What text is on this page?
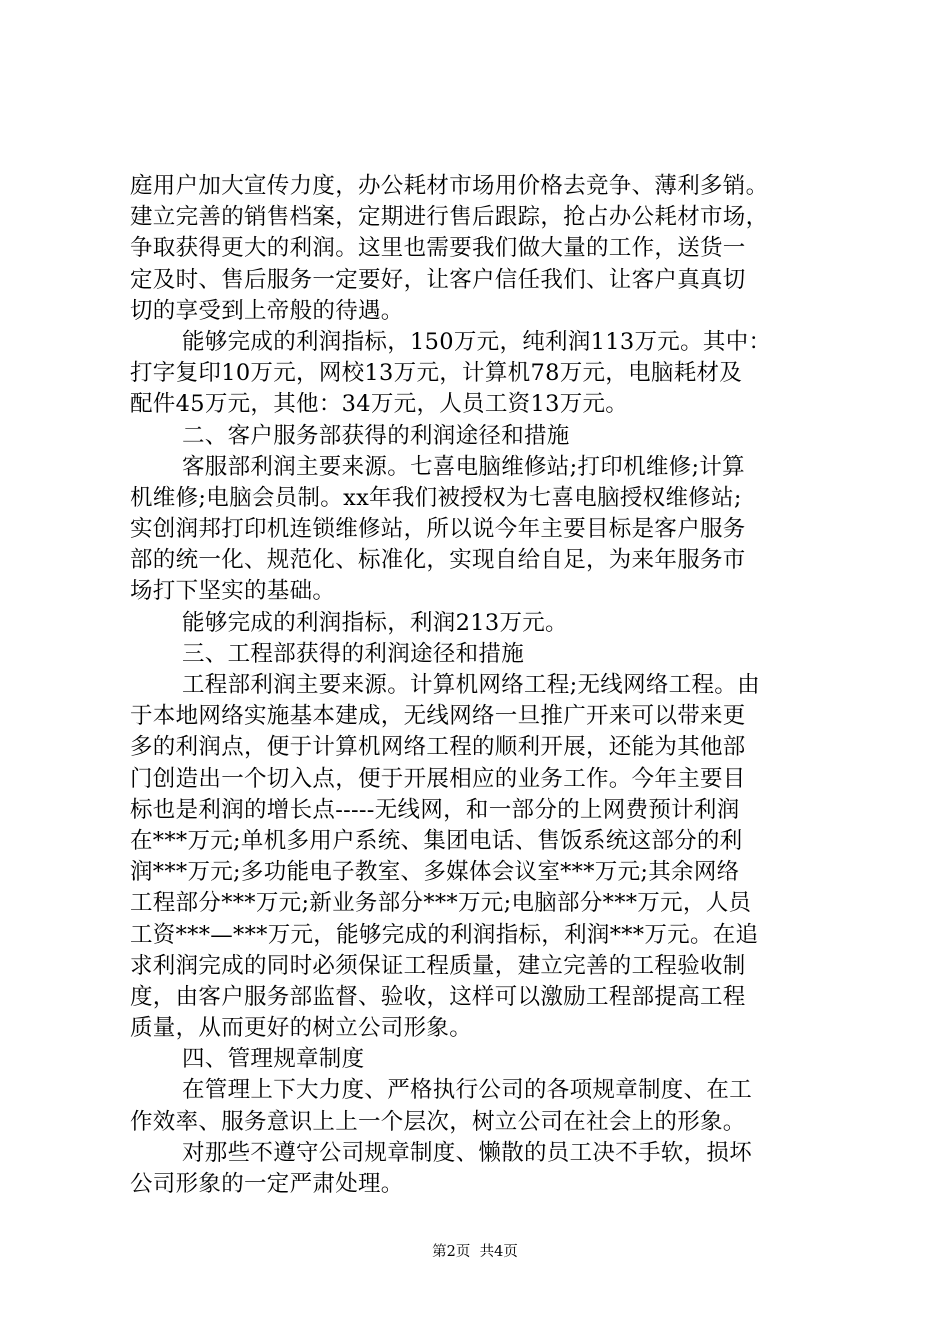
庭用户加大宣传力度，办公耗材市场用价格去竞争、薄利多销。
建立完善的销售档案，定期进行售后跟踪，抢占办公耗材市场，
争取获得更大的利润。这里也需要我们做大量的工作，送货一
定及时、售后服务一定要好，让客户信任我们、让客户真真切
切的享受到上帝般的待遇。
能够完成的利润指标，150万元，纯利润113万元。其中：
打字复印10万元，网校13万元，计算机78万元，电脑耗材及
配件45万元，其他：34万元，人员工资13万元。
二、客户服务部获得的利润途径和措施
客服部利润主要来源。七喜电脑维修站;打印机维修;计算
机维修;电脑会员制。xx年我们被授权为七喜电脑授权维修站;
实创润邦打印机连锁维修站，所以说今年主要目标是客户服务
部的统一化、规范化、标准化，实现自给自足，为来年服务市
场打下坚实的基础。
能够完成的利润指标，利润213万元。
三、工程部获得的利润途径和措施
工程部利润主要来源。计算机网络工程;无线网络工程。由
于本地网络实施基本建成，无线网络一旦推广开来可以带来更
多的利润点，便于计算机网络工程的顺利开展，还能为其他部
门创造出一个切入点，便于开展相应的业务工作。今年主要目
标也是利润的增长点-----无线网，和一部分的上网费预计利润
在***万元;单机多用户系统、集团电话、售饭系统这部分的利
润***万元;多功能电子教室、多媒体会议室***万元;其余网络
工程部分***万元;新业务部分***万元;电脑部分***万元，人员
工资***—***万元，能够完成的利润指标，利润***万元。在追
求利润完成的同时必须保证工程质量，建立完善的工程验收制
度，由客户服务部监督、验收，这样可以激励工程部提高工程
质量，从而更好的树立公司形象。
四、管理规章制度
在管理上下大力度、严格执行公司的各项规章制度、在工
作效率、服务意识上上一个层次，树立公司在社会上的形象。
对那些不遵守公司规章制度、懒散的员工决不手软，损坏
公司形象的一定严肃处理。
第2页  共4页
